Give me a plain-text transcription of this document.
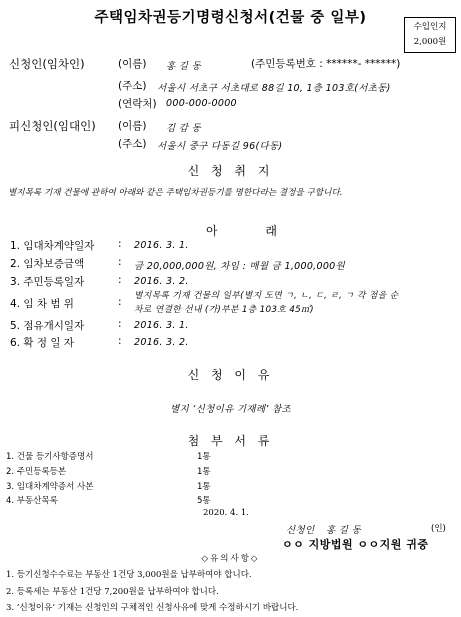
주택임차권등기명령신청서(건물 중 일부)
수입인지
2,000원
신청인(임차인)	(이름) 홍 길 동	(주민등록번호 : ******- ******)
(주소) 서울시 서초구 서초대로 88길 10, 1층 103호(서초동)
(연락처) 000-000-0000
피신청인(임대인) (이름) 김 갑 동
(주소) 서울시 중구 다동길 96(다동)
신 청 취 지
별지목록 기재 건물에 관하여 아래와 같은 주택임차권등기를 명한다라는 결정을 구합니다.
아 래
1. 임대차계약일자 : 2016. 3. 1.
2. 임차보증금액	: 금 20,000,000원, 차임 : 매월 금 1,000,000원
3. 주민등록일자	: 2016. 3. 2.
4. 임 차 범 위	: 별지목록 기재 건물의 일부(별지 도면 ㄱ, ㄴ, ㄷ, ㄹ, ㄱ 각 점을 순
차로 연결한 선내 (가)부분 1층 103호 45㎡)
5. 점유개시일자	: 2016. 3. 1.
6. 확 정 일 자	: 2016. 3. 2.
신 청 이 유
별지 ‘신청이유 기재례’ 참조
첨 부 서 류
1. 건물 등기사항증명서	1통
2. 주민등록등본	1통
3. 임대차계약증서 사본	1통
4. 부동산목록	5통
2020. 4. 1.
신청인 홍 길 동	(인)
ㅇㅇ 지방법원 ㅇㅇ지원 귀중
◇유의사항◇
1. 등기신청수수료는 부동산 1건당 3,000원을 납부하여야 합니다.
2. 등록세는 부동산 1건당 7,200원을 납부하여야 합니다.
3. ‘신청이유’ 기재는 신청인의 구체적인 신청사유에 맞게 수정하시기 바랍니다.
